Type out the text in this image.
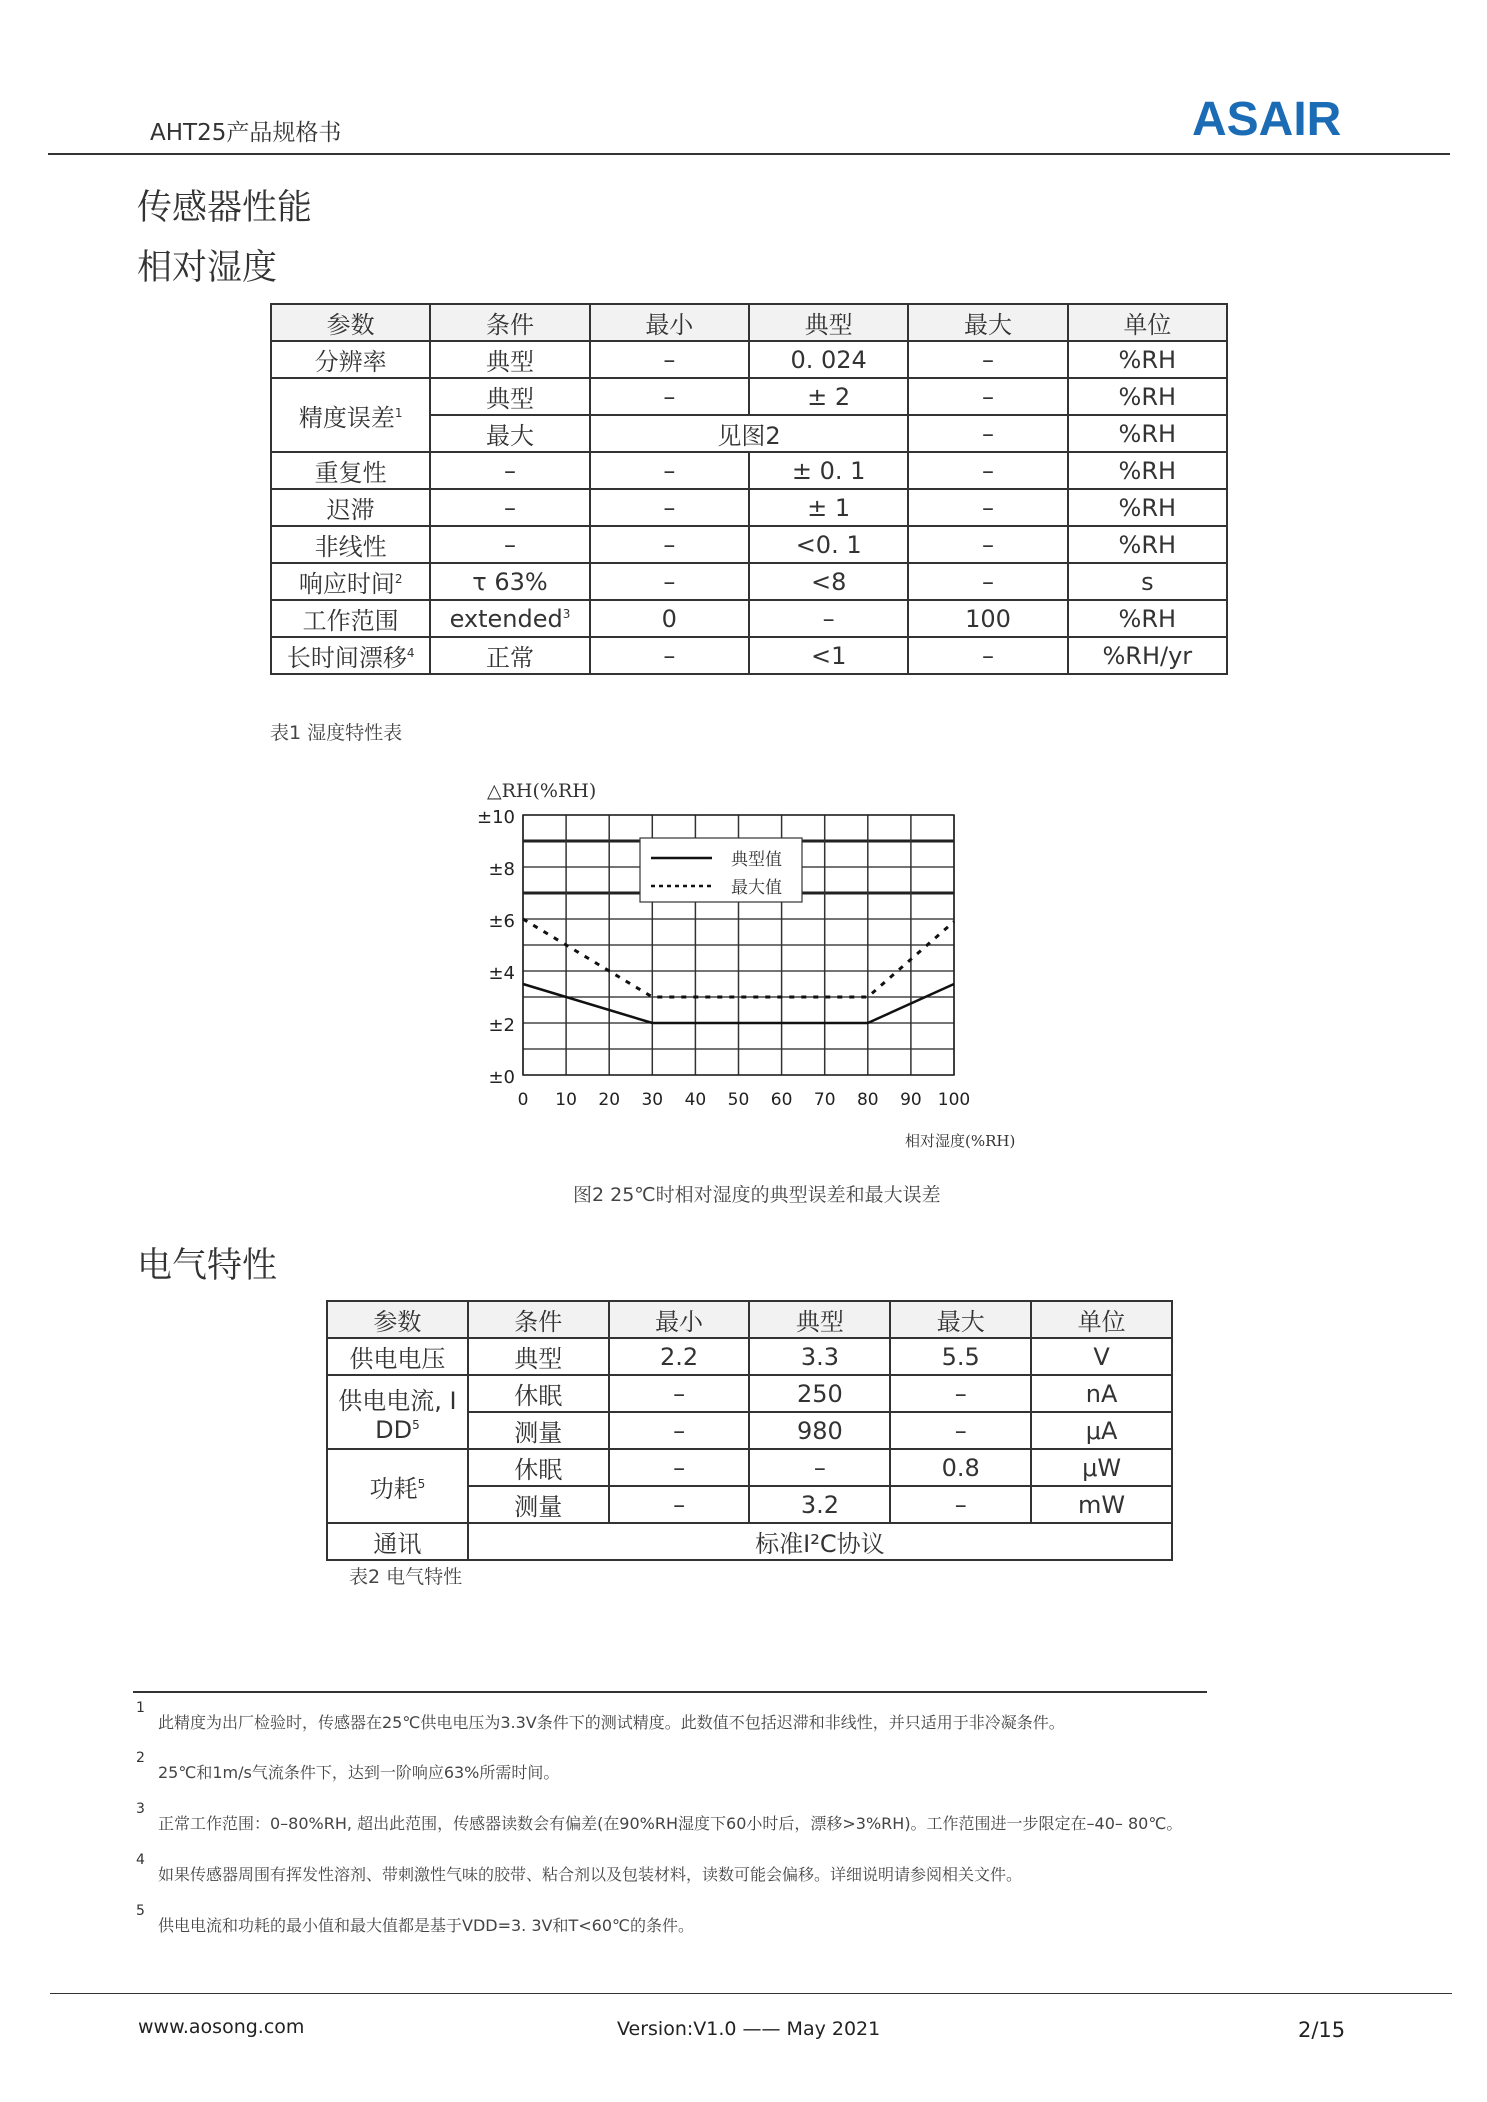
AHT25产品规格书	ASAIR
传感器性能
相对湿度
参数	条件	最小	典型	最大	单位
分辨率	典型	–	0. 024	–	%RH
精度误差$^1$	典型	–	± 2	–	%RH
	最大	见图2		–	%RH
重复性	–	–	± 0. 1	–	%RH
迟滞	–	–	± 1	–	%RH
非线性	–	–	<0. 1	–	%RH
响应时间$^2$	τ 63%	–	<8	–	s
工作范围	extended$^3$	0	–	100	%RH
长时间漂移$^4$	正常	–	<1	–	%RH/yr
表1 湿度特性表
0 10 20 30 40 50 60 70 80 90 100
±10
±8
±6
±4
±2
±0
典型值
最大值
△RH(%RH)
相对湿度(%RH)
图2 25℃时相对湿度的典型误差和最大误差
电气特性
参数	条件	最小	典型	最大	单位
供电电压	典型	2.2	3.3	5.5	V
供电电流, I $DD^5$	休眠	–	250	–	nA
	测量	–	980	–	μA
功耗$^5$	休眠	–	–	0.8	μW
	测量	–	3.2	–	mW
通讯	标准I²C协议				
表2 电气特性
1
此精度为出厂检验时，传感器在25℃供电电压为3.3V条件下的测试精度。此数值不包括迟滞和非线性，并只适用于非冷凝条件。
2
25℃和1m/s气流条件下，达到一阶响应63%所需时间。
3
正常工作范围：0–80%RH, 超出此范围，传感器读数会有偏差(在90%RH湿度下60小时后，漂移>3%RH)。工作范围进一步限定在–40– 80℃。
4
如果传感器周围有挥发性溶剂、带刺激性气味的胶带、粘合剂以及包装材料，读数可能会偏移。详细说明请参阅相关文件。
5
供电电流和功耗的最小值和最大值都是基于VDD=3. 3V和T<60℃的条件。
www.aosong.com	Version:V1.0 —— May 2021	2/15
